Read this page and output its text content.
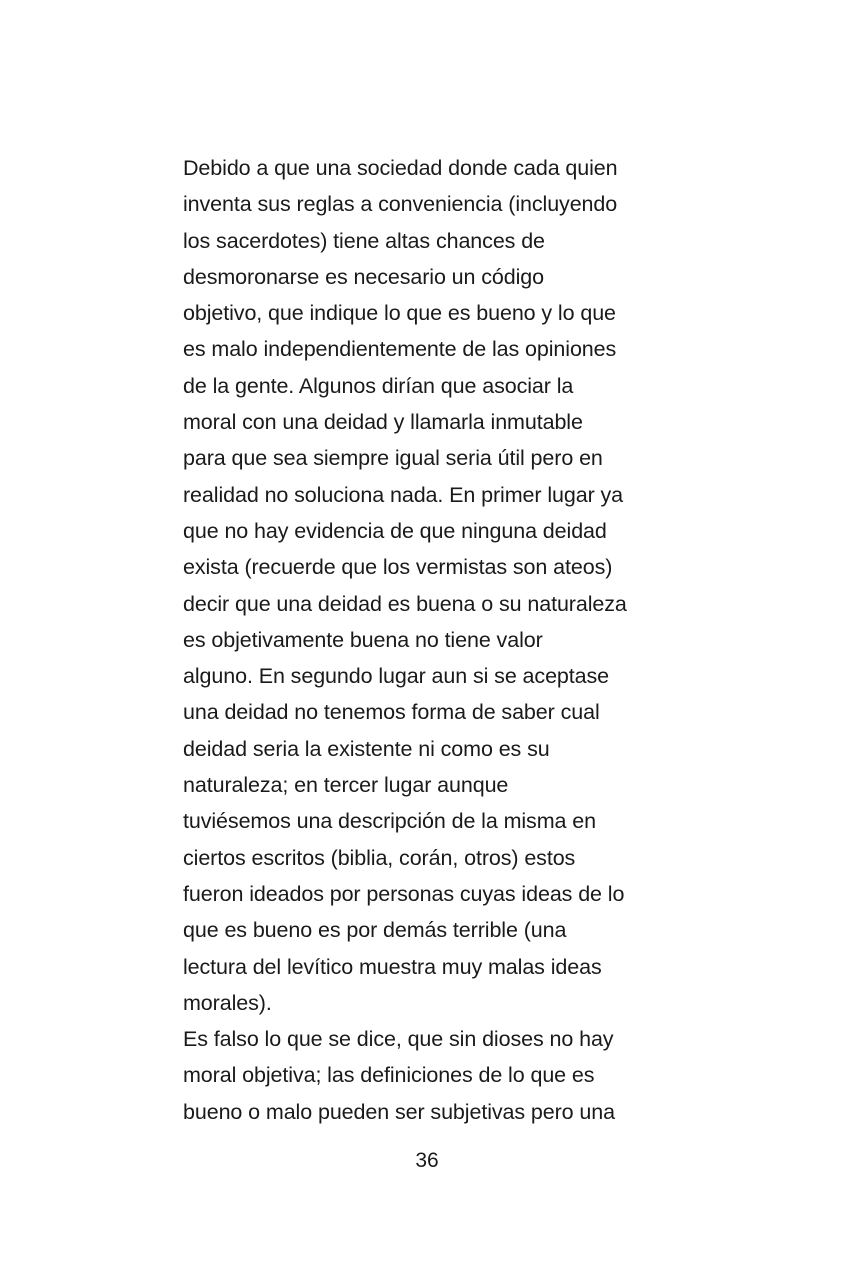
Debido a que una sociedad donde cada quien
inventa sus reglas a conveniencia (incluyendo
los sacerdotes) tiene altas chances de
desmoronarse es necesario un código
objetivo, que indique lo que es bueno y lo que
es malo independientemente de las opiniones
de la gente. Algunos dirían que asociar la
moral con una deidad y llamarla inmutable
para que sea siempre igual seria útil pero en
realidad no soluciona nada. En primer lugar ya
que no hay evidencia de que ninguna deidad
exista (recuerde que los vermistas son ateos)
decir que una deidad es buena o su naturaleza
es objetivamente buena no tiene valor
alguno. En segundo lugar aun si se aceptase
una deidad no tenemos forma de saber cual
deidad seria la existente ni como es su
naturaleza; en tercer lugar aunque
tuviésemos una descripción de la misma en
ciertos escritos (biblia, corán, otros) estos
fueron ideados por personas cuyas ideas de lo
que es bueno es por demás terrible (una
lectura del levítico muestra muy malas ideas
morales).
Es falso lo que se dice, que sin dioses no hay
moral objetiva; las definiciones de lo que es
bueno o malo pueden ser subjetivas pero una
36
